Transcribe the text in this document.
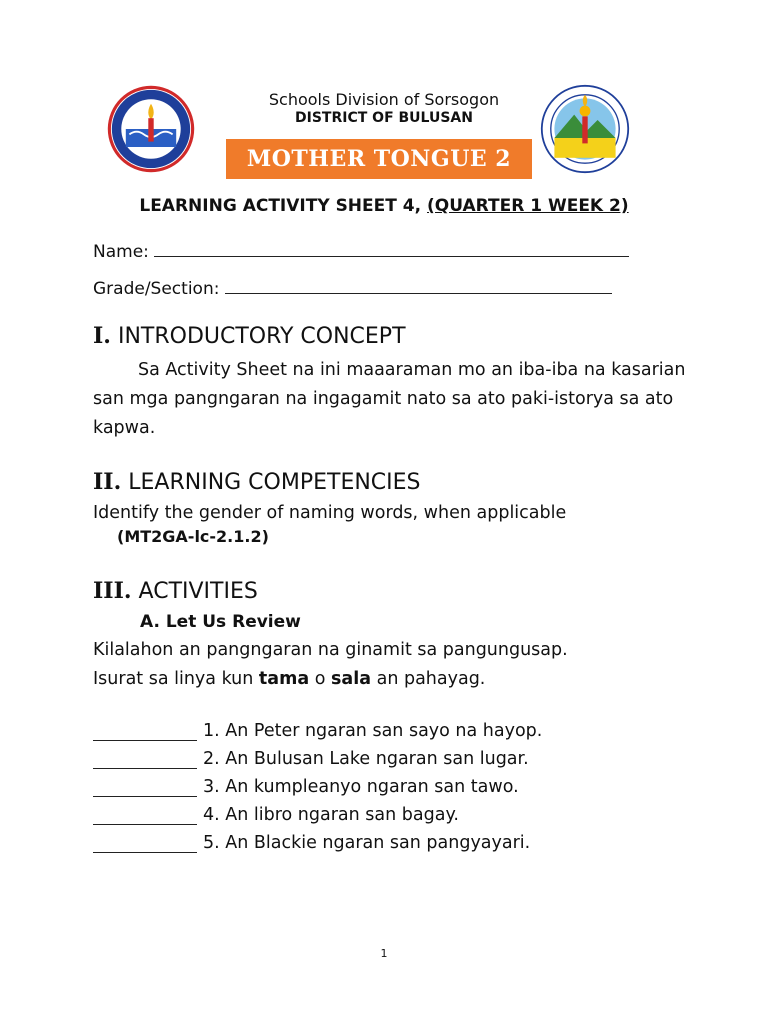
Schools Division of Sorsogon
DISTRICT OF BULUSAN
MOTHER TONGUE 2
LEARNING ACTIVITY SHEET 4, (QUARTER 1 WEEK 2)
Name:
Grade/Section:
I. INTRODUCTORY CONCEPT
Sa Activity Sheet na ini maaaraman mo an iba-iba na kasarian san mga pangngaran na ingagamit nato sa ato paki-istorya sa ato kapwa.
II. LEARNING COMPETENCIES
Identify the gender of naming words, when applicable
(MT2GA-lc-2.1.2)
III. ACTIVITIES
A. Let Us Review
Kilalahon an pangngaran na ginamit sa pangungusap.
Isurat sa linya kun tama o sala an pahayag.
1. An Peter ngaran san sayo na hayop.
2. An Bulusan Lake ngaran san lugar.
3. An kumpleanyo ngaran san tawo.
4. An libro ngaran san bagay.
5. An Blackie ngaran san pangyayari.
1
